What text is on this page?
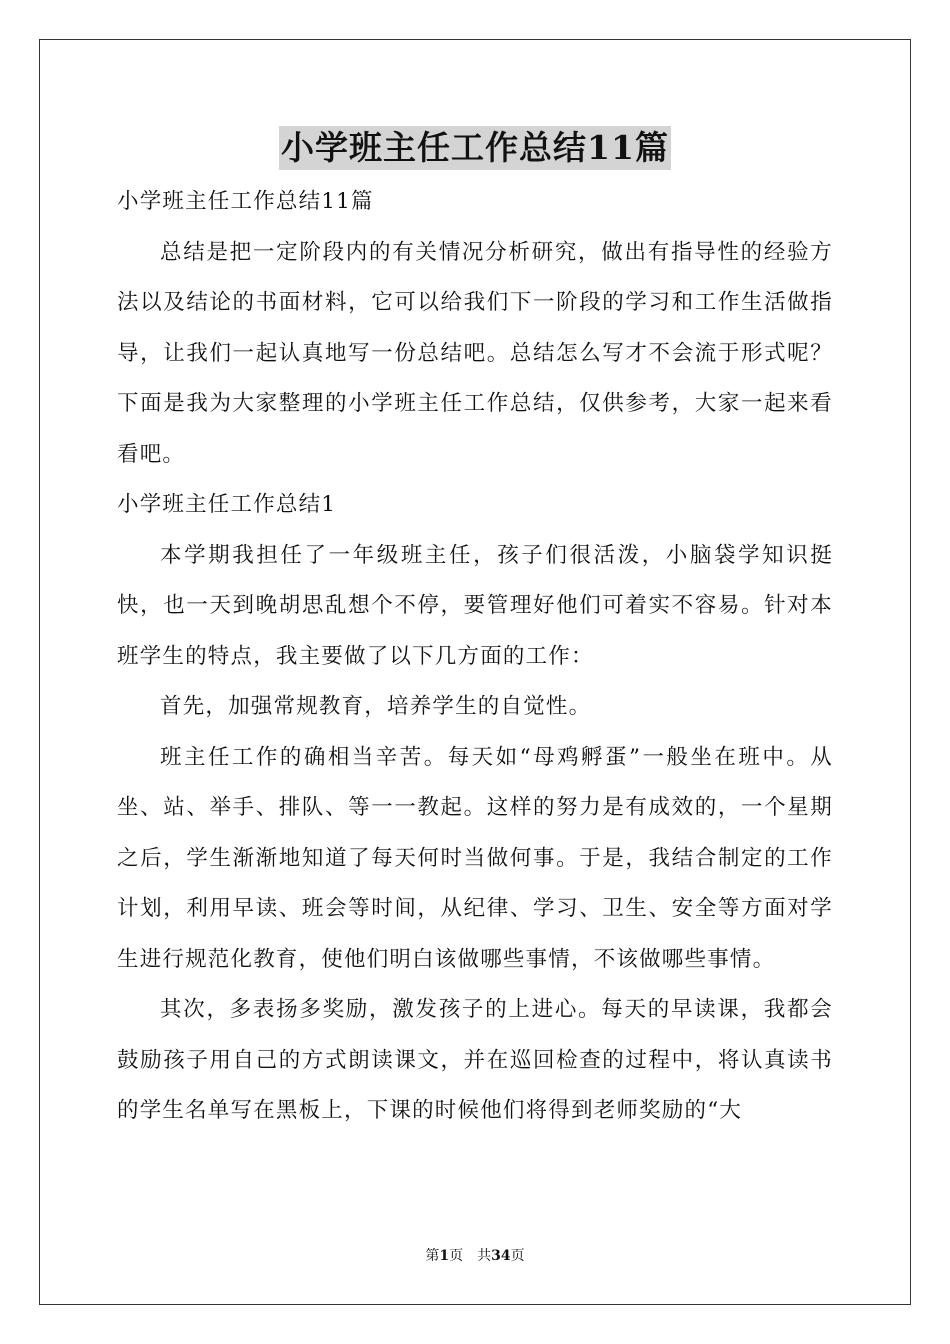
小学班主任工作总结11篇

小学班主任工作总结11篇

总结是把一定阶段内的有关情况分析研究，做出有指导性的经验方法以及结论的书面材料，它可以给我们下一阶段的学习和工作生活做指导，让我们一起认真地写一份总结吧。总结怎么写才不会流于形式呢？下面是我为大家整理的小学班主任工作总结，仅供参考，大家一起来看看吧。

小学班主任工作总结1

本学期我担任了一年级班主任，孩子们很活泼，小脑袋学知识挺快，也一天到晚胡思乱想个不停，要管理好他们可着实不容易。针对本班学生的特点，我主要做了以下几方面的工作：

首先，加强常规教育，培养学生的自觉性。

班主任工作的确相当辛苦。每天如“母鸡孵蛋”一般坐在班中。从坐、站、举手、排队、等一一教起。这样的努力是有成效的，一个星期之后，学生渐渐地知道了每天何时当做何事。于是，我结合制定的工作计划，利用早读、班会等时间，从纪律、学习、卫生、安全等方面对学生进行规范化教育，使他们明白该做哪些事情，不该做哪些事情。

其次，多表扬多奖励，激发孩子的上进心。每天的早读课，我都会鼓励孩子用自己的方式朗读课文，并在巡回检查的过程中，将认真读书的学生名单写在黑板上，下课的时候他们将得到老师奖励的“大

第1页　共34页
